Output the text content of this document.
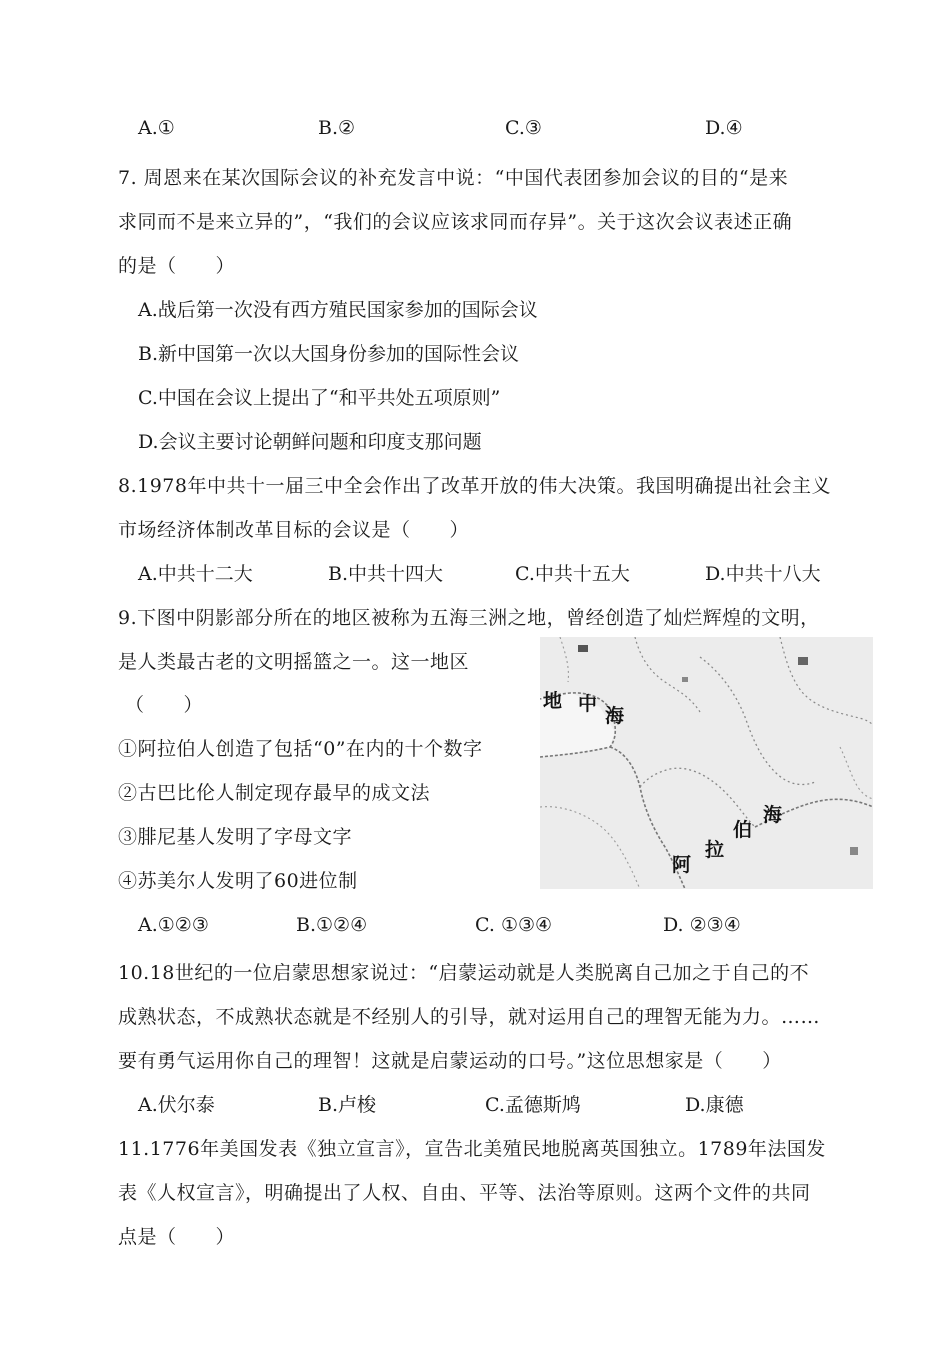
A.①	B.②	C.③	D.④
7. 周恩来在某次国际会议的补充发言中说：“中国代表团参加会议的目的“是来
求同而不是来立异的”，“我们的会议应该求同而存异”。关于这次会议表述正确
的是（　　）
A.战后第一次没有西方殖民国家参加的国际会议
B.新中国第一次以大国身份参加的国际性会议
C.中国在会议上提出了“和平共处五项原则”
D.会议主要讨论朝鲜问题和印度支那问题
8.1978年中共十一届三中全会作出了改革开放的伟大决策。我国明确提出社会主义
市场经济体制改革目标的会议是（　　）
A.中共十二大	B.中共十四大	C.中共十五大	D.中共十八大
9.下图中阴影部分所在的地区被称为五海三洲之地，曾经创造了灿烂辉煌的文明，
是人类最古老的文明摇篮之一。这一地区
（　　）
①阿拉伯人创造了包括“0”在内的十个数字
②古巴比伦人制定现存最早的成文法
③腓尼基人发明了字母文字
④苏美尔人发明了60进位制
A.①②③	B.①②④	C. ①③④	D. ②③④
地 中
海
阿
拉
伯
海
10.18世纪的一位启蒙思想家说过：“启蒙运动就是人类脱离自己加之于自己的不
成熟状态，不成熟状态就是不经别人的引导，就对运用自己的理智无能为力。……
要有勇气运用你自己的理智！这就是启蒙运动的口号。”这位思想家是（　　）
A.伏尔泰	B.卢梭	C.孟德斯鸠	D.康德
11.1776年美国发表《独立宣言》，宣告北美殖民地脱离英国独立。1789年法国发
表《人权宣言》，明确提出了人权、自由、平等、法治等原则。这两个文件的共同
点是（　　）
